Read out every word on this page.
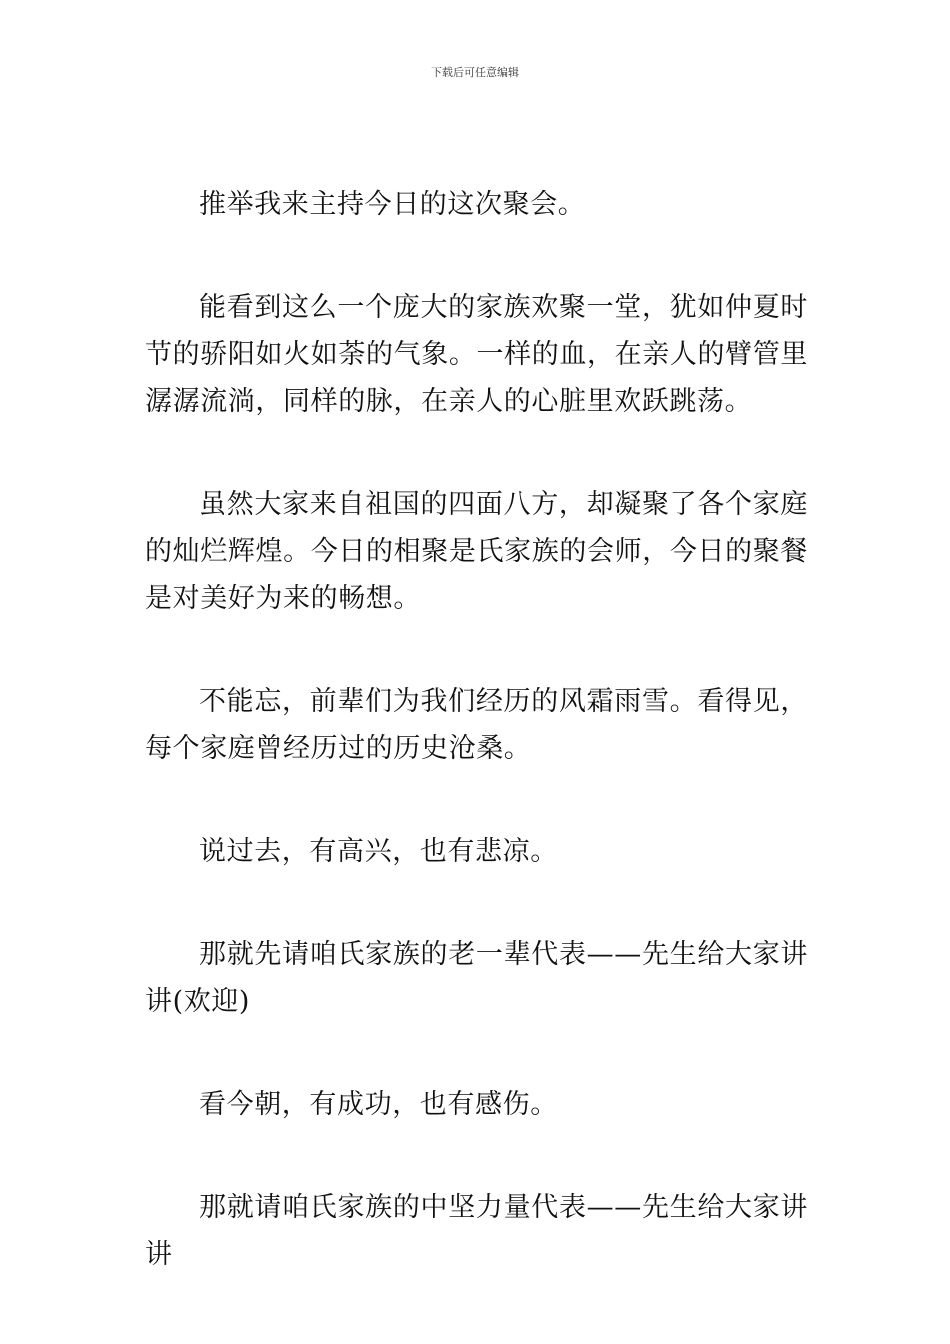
下载后可任意编辑

推举我来主持今日的这次聚会。

能看到这么一个庞大的家族欢聚一堂，犹如仲夏时节的骄阳如火如荼的气象。一样的血，在亲人的臂管里潺潺流淌，同样的脉，在亲人的心脏里欢跃跳荡。

虽然大家来自祖国的四面八方，却凝聚了各个家庭的灿烂辉煌。今日的相聚是氏家族的会师，今日的聚餐是对美好为来的畅想。

不能忘，前辈们为我们经历的风霜雨雪。看得见，每个家庭曾经历过的历史沧桑。

说过去，有高兴，也有悲凉。

那就先请咱氏家族的老一辈代表——先生给大家讲讲(欢迎)

看今朝，有成功，也有感伤。

那就请咱氏家族的中坚力量代表——先生给大家讲讲
